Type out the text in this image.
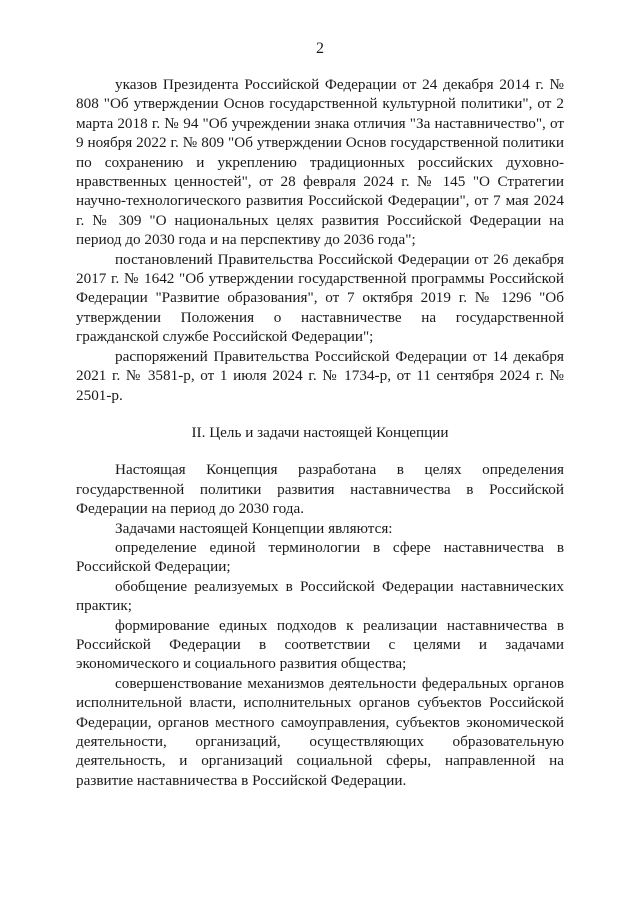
2

указов Президента Российской Федерации от 24 декабря 2014 г. № 808 "Об утверждении Основ государственной культурной политики", от 2 марта 2018 г. № 94 "Об учреждении знака отличия "За наставничество", от 9 ноября 2022 г. № 809 "Об утверждении Основ государственной политики по сохранению и укреплению традиционных российских духовно-нравственных ценностей", от 28 февраля 2024 г. № 145 "О Стратегии научно-технологического развития Российской Федерации", от 7 мая 2024 г. № 309 "О национальных целях развития Российской Федерации на период до 2030 года и на перспективу до 2036 года";

постановлений Правительства Российской Федерации от 26 декабря 2017 г. № 1642 "Об утверждении государственной программы Российской Федерации "Развитие образования", от 7 октября 2019 г. № 1296 "Об утверждении Положения о наставничестве на государственной гражданской службе Российской Федерации";

распоряжений Правительства Российской Федерации от 14 декабря 2021 г. № 3581-р, от 1 июля 2024 г. № 1734-р, от 11 сентября 2024 г. № 2501-р.

II. Цель и задачи настоящей Концепции

Настоящая Концепция разработана в целях определения государственной политики развития наставничества в Российской Федерации на период до 2030 года.

Задачами настоящей Концепции являются:

определение единой терминологии в сфере наставничества в Российской Федерации;

обобщение реализуемых в Российской Федерации наставнических практик;

формирование единых подходов к реализации наставничества в Российской Федерации в соответствии с целями и задачами экономического и социального развития общества;

совершенствование механизмов деятельности федеральных органов исполнительной власти, исполнительных органов субъектов Российской Федерации, органов местного самоуправления, субъектов экономической деятельности, организаций, осуществляющих образовательную деятельность, и организаций социальной сферы, направленной на развитие наставничества в Российской Федерации.
